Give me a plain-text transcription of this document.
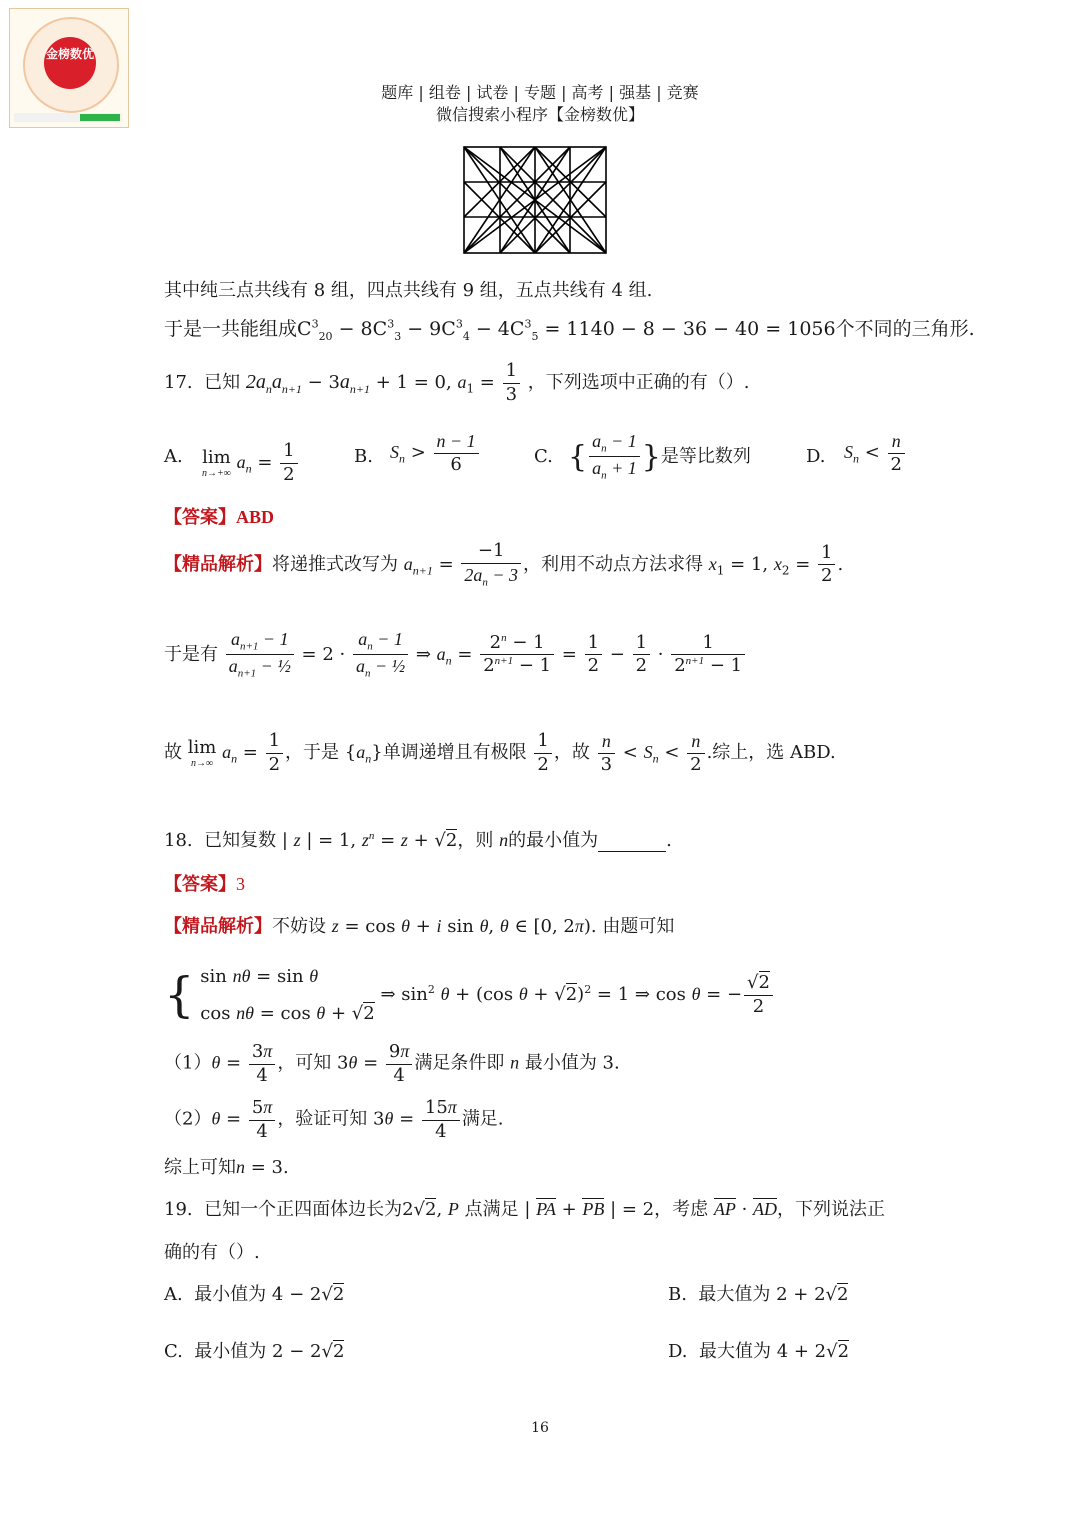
金榜数优
题库 | 组卷 | 试卷 | 专题 | 高考 | 强基 | 竞赛
微信搜索小程序【金榜数优】
其中纯三点共线有 8 组，四点共线有 9 组，五点共线有 4 组.
于是一共能组成$C^3_{20} - 8C^3_3 - 9C^3_4 - 4C^3_5 = 1140 - 8 - 36 - 40 = 1056$个不同的三角形.
17. 已知 $2a_na_{n+1} - 3a_{n+1} + 1 = 0$, $a_1 = \frac{1}{3}$ ，下列选项中正确的有（）.
A. lim
n→+∞
$a_n = \frac{1}{2}$	B. $S_n > \frac{n - 1}{6}$	C. { $\frac{a_n - 1}{a_n + 1}$ }是等比数列	D. $S_n < \frac{n}{2}$
【答案】ABD
【精品解析】将递推式改写为 $a_{n+1} = \frac{-1}{2a_n - 3}$ ，利用不动点方法求得 $x_1 = 1$, $x_2 = \frac{1}{2}$ .
于是有 $\frac{a_{n+1} - 1}{a_{n+1} - \frac{1}{2}} = 2 \cdot \frac{a_n - 1}{a_n - \frac{1}{2}}$ ⇒ $a_n = \frac{2^n - 1}{2^{n+1} - 1} = \frac{1}{2} - \frac{1}{2} \cdot \frac{1}{2^{n+1} - 1}$
故 lim
n→∞
$a_n = \frac{1}{2}$ ，于是 $\{a_n\}$单调递增且有极限 $\frac{1}{2}$ ，故 $\frac{n}{3} < S_n < \frac{n}{2}$ .综上，选 ABD.
18. 已知复数 | z | = 1, $z^n = z + √2$，则 n的最小值为	.
【答案】3
【精品解析】不妨设 z = cos θ + i sin θ, θ ∈ [0, 2π). 由题可知
{ sin nθ = sin θ
cos nθ = cos θ + √2
⇒ $\sin^2 \theta + (\cos$ θ + √2)$^2$ = 1 ⇒ cos θ = − $\frac{√2}{2}$
$(1)\theta = \frac{3\pi}{4}$ ，可知 $3\theta = \frac{9\pi}{4}$ 满足条件即 n 最小值为 3.
$(2)\theta = \frac{5\pi}{4}$ ，验证可知 $3\theta = \frac{15\pi}{4}$ 满足.
综上可知n = 3.
19. 已知一个正四面体边长为2√2, P 点满足 | PA + PB | = 2，考虑 AP · AD，下列说法正
确的有（）.
A. 最小值为 4 − 2√2	B. 最大值为 2 + 2√2
C. 最小值为 2 − 2√2	D. 最大值为 4 + 2√2
16
